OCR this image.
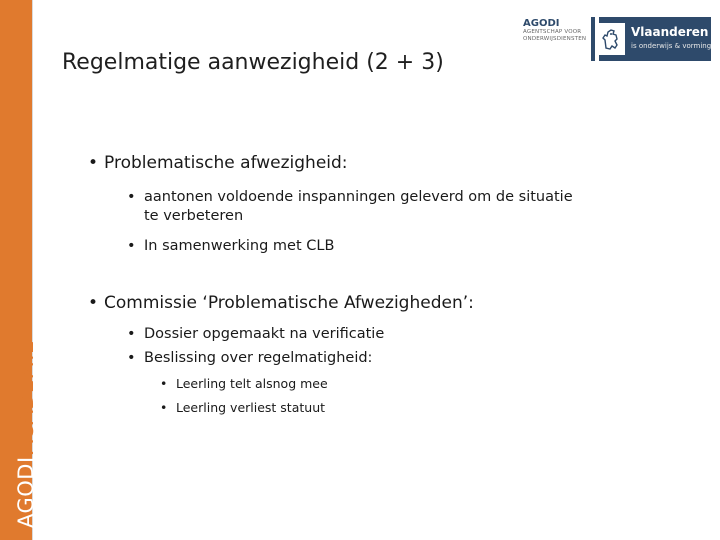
AGODIACADEMIE
Regelmatige aanwezigheid (2 + 3)
AGODI
AGENTSCHAP VOOR
ONDERWIJSDIENSTEN	Vlaanderen
is onderwijs & vorming
• Problematische afwezigheid:
• aantonen voldoende inspanningen geleverd om de situatie te verbeteren
• In samenwerking met CLB
• Commissie ‘Problematische Afwezigheden’:
• Dossier opgemaakt na verificatie
• Beslissing over regelmatigheid:
• Leerling telt alsnog mee
• Leerling verliest statuut
